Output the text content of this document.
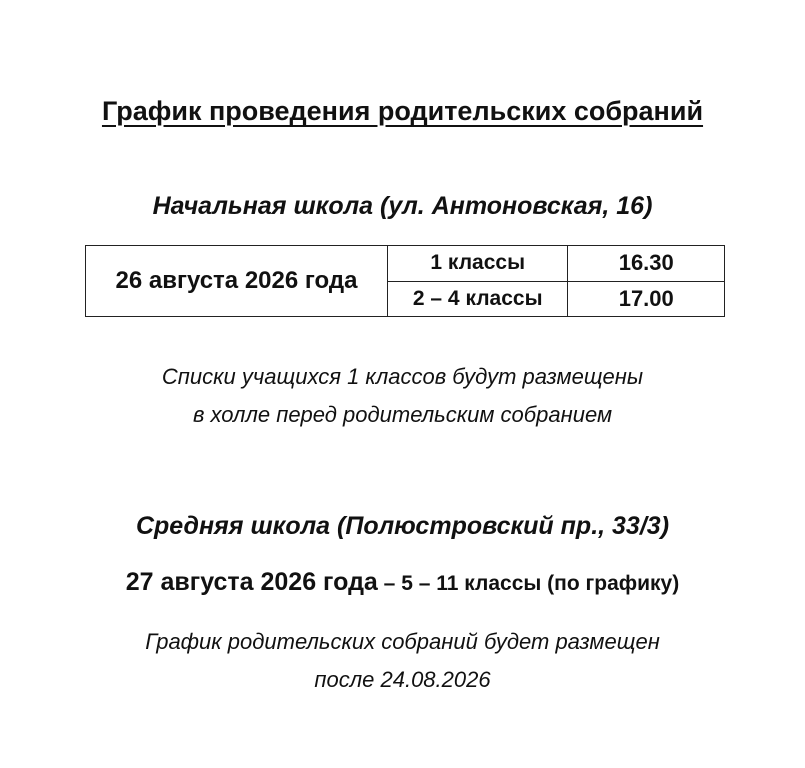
График проведения родительских собраний
Начальная школа (ул. Антоновская, 16)
26 августа 2026 года	1 классы	16.30
	2 – 4 классы	17.00

Списки учащихся 1 классов будут размещены
в холле перед родительским собранием

Средняя школа (Полюстровский пр., 33/3)

27 августа 2026 года – 5 – 11 классы (по графику)

График родительских собраний будет размещен
после 24.08.2026
